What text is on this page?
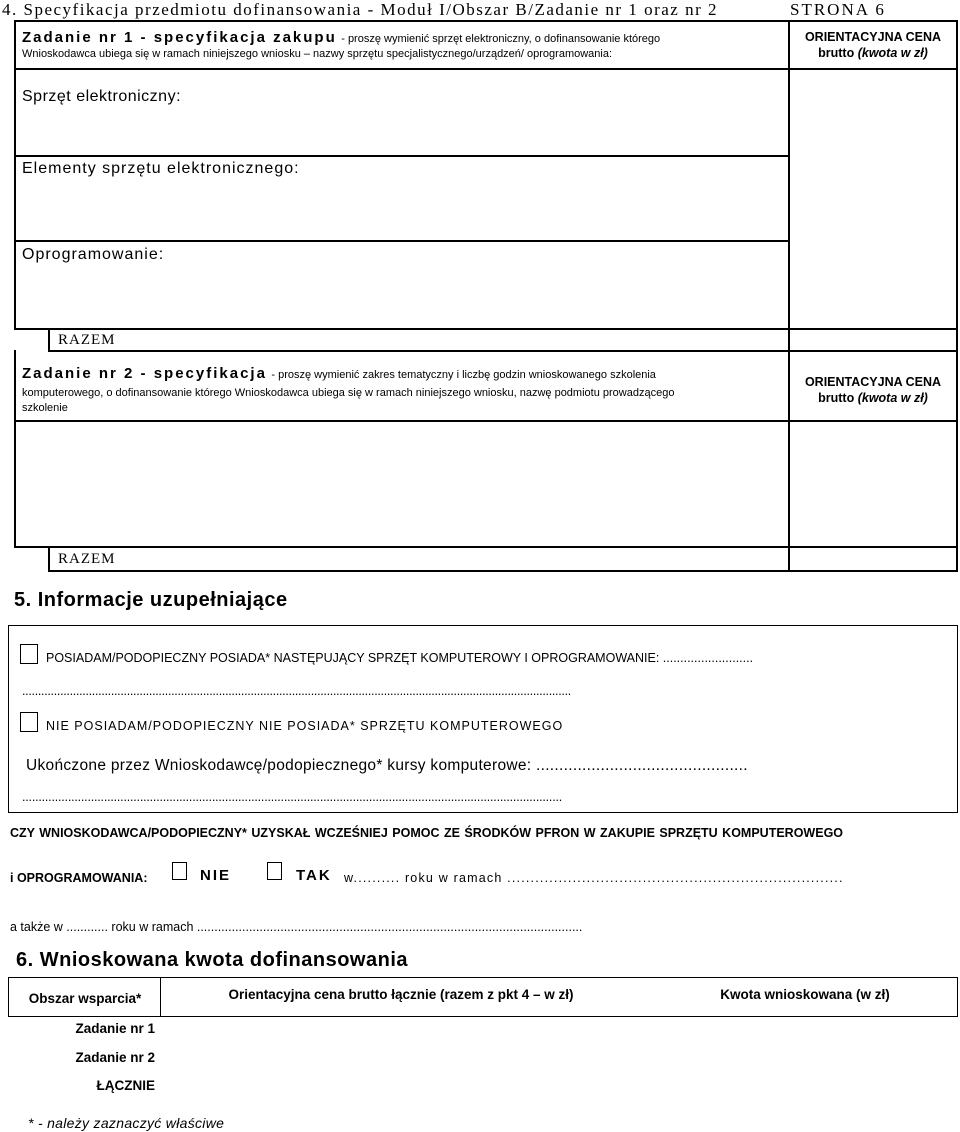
4. Specyfikacja przedmiotu dofinansowania - Moduł I/Obszar B/Zadanie nr 1 oraz nr 2	STRONA 6
Zadanie nr 1 - specyfikacja zakupu - proszę wymienić sprzęt elektroniczny, o dofinansowanie którego
Wnioskodawca ubiega się w ramach niniejszego wniosku – nazwy sprzętu specjalistycznego/urządzeń/ oprogramowania:
ORIENTACYJNA CENA
brutto (kwota w zł)
Sprzęt elektroniczny:
Elementy sprzętu elektronicznego:
Oprogramowanie:
RAZEM
Zadanie nr 2 - specyfikacja - proszę wymienić zakres tematyczny i liczbę godzin wnioskowanego szkolenia
komputerowego, o dofinansowanie którego Wnioskodawca ubiega się w ramach niniejszego wniosku, nazwę podmiotu prowadzącego
szkolenie
ORIENTACYJNA CENA
brutto (kwota w zł)
RAZEM
5. Informacje uzupełniające
POSIADAM/PODOPIECZNY POSIADA* NASTĘPUJĄCY SPRZĘT KOMPUTEROWY I OPROGRAMOWANIE: ..........................
.............................................................................................................................................................................
NIE POSIADAM/PODOPIECZNY NIE POSIADA* SPRZĘTU KOMPUTEROWEGO
Ukończone przez Wnioskodawcę/podopiecznego* kursy komputerowe: ..............................................
.....................................................................................................................................................................
CZY WNIOSKODAWCA/PODOPIECZNY* UZYSKAŁ WCZEŚNIEJ POMOC ZE ŚRODKÓW PFRON W ZAKUPIE SPRZĘTU KOMPUTEROWEGO
i OPROGRAMOWANIA:	NIE	TAK w.......... roku w ramach ........................................................................
a także w ............ roku w ramach ...............................................................................................................
6. Wnioskowana kwota dofinansowania
Obszar wsparcia*	Orientacyjna cena brutto łącznie (razem z pkt 4 – w zł)	Kwota wnioskowana (w zł)
Zadanie nr 1
Zadanie nr 2
ŁĄCZNIE
* - należy zaznaczyć właściwe
